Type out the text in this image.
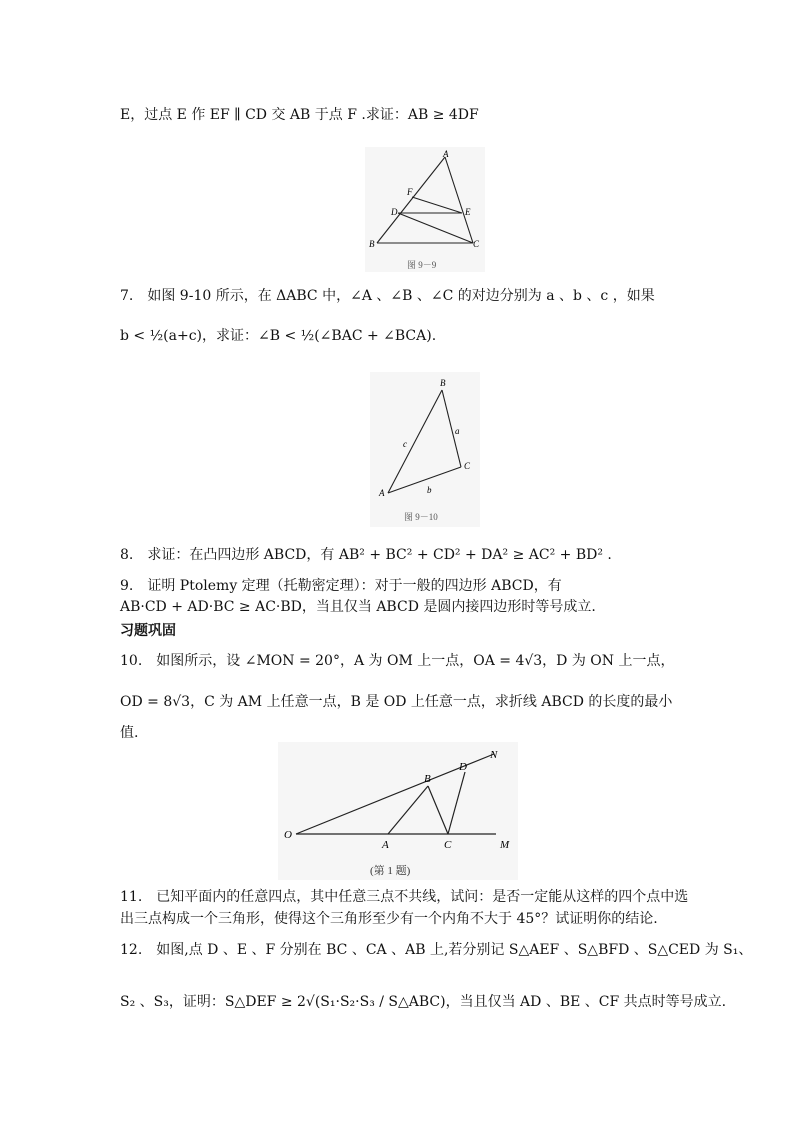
E，过点 E 作 EF ∥ CD 交 AB 于点 F .求证：AB ≥ 4DF
A
F
D	E
B	C
图 9－9
7.　如图 9-10 所示，在 ΔABC 中，∠A 、∠B 、∠C 的对边分别为 a 、b 、c ，如果
b < ½(a+c)，求证：∠B < ½(∠BAC + ∠BCA).
B
c
a
C
b
A
图 9－10
8.　求证：在凸四边形 ABCD，有 AB² + BC² + CD² + DA² ≥ AC² + BD² .
9.　证明 Ptolemy 定理（托勒密定理）：对于一般的四边形 ABCD，有
AB·CD + AD·BC ≥ AC·BD，当且仅当 ABCD 是圆内接四边形时等号成立.
习题巩固
10.　如图所示，设 ∠MON = 20°，A 为 OM 上一点，OA = 4√3，D 为 ON 上一点，
OD = 8√3，C 为 AM 上任意一点，B 是 OD 上任意一点，求折线 ABCD 的长度的最小
值.
N
D
B
O
A	C	M
(第 1 题)
11.　已知平面内的任意四点，其中任意三点不共线，试问：是否一定能从这样的四个点中选
出三点构成一个三角形，使得这个三角形至少有一个内角不大于 45°？试证明你的结论.
12.　如图,点 D 、E 、F 分别在 BC 、CA 、AB 上,若分别记 S△AEF 、S△BFD 、S△CED 为 S₁、
S₂ 、S₃，证明：S△DEF ≥ 2√(S₁·S₂·S₃ / S△ABC)，当且仅当 AD 、BE 、CF 共点时等号成立.
